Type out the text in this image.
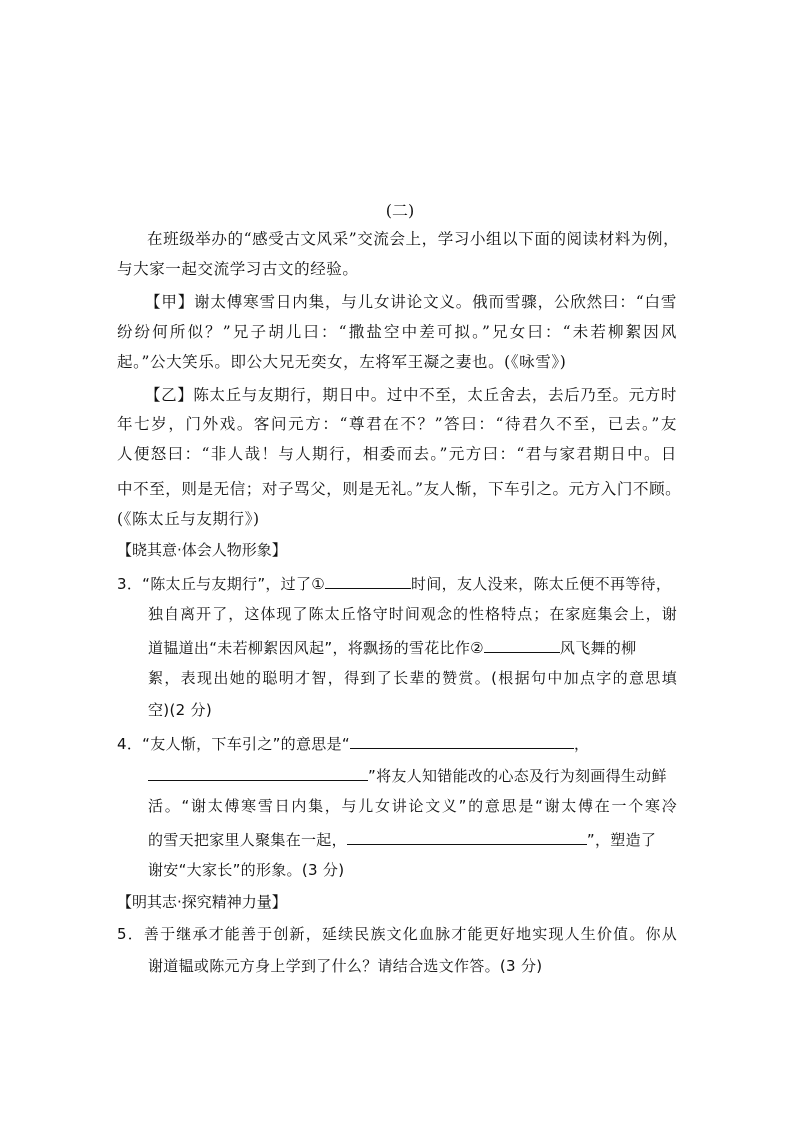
(二)
在班级举办的“感受古文风采”交流会上，学习小组以下面的阅读材料为例，
与大家一起交流学习古文的经验。
【甲】谢太傅寒雪日内集，与儿女讲论文义。俄而雪骤，公欣然曰：“白雪
纷纷何所似？”兄子胡儿曰：“撒盐空中差可拟。”兄女曰：“未若柳絮因风
起。”公大笑乐。即公大兄无奕女，左将军王凝之妻也。(《咏雪》)
【乙】陈太丘与友期行，期日中。过中不至，太丘舍去，去后乃至。元方时
年七岁，门外戏。客问元方：“尊君在不？”答曰：“待君久不至，已去。”友
人便怒曰：“非人哉！与人期行，相委而去。”元方曰：“君与家君期日中。日
中不至，则是无信；对子骂父，则是无礼。”友人惭，下车引之。元方入门不顾。
(《陈太丘与友期行》)
【晓其意·体会人物形象】
3．“陈太丘与友期行”，过了①	时间，友人没来，陈太丘便不再等待，
独自离开了，这体现了陈太丘恪守时间观念的性格特点；在家庭集会上，谢
道韫道出“未若柳絮因风起”，将飘扬的雪花比作②	风飞舞的柳
絮，表现出她的聪明才智，得到了长辈的赞赏。(根据句中加点字的意思填
空)(2 分)
4．“友人惭，下车引之”的意思是“	，
”将友人知错能改的心态及行为刻画得生动鲜
活。“谢太傅寒雪日内集，与儿女讲论文义”的意思是“谢太傅在一个寒冷
的雪天把家里人聚集在一起，	”，塑造了
谢安“大家长”的形象。(3 分)
【明其志·探究精神力量】
5．善于继承才能善于创新，延续民族文化血脉才能更好地实现人生价值。你从
谢道韫或陈元方身上学到了什么？请结合选文作答。(3 分)
